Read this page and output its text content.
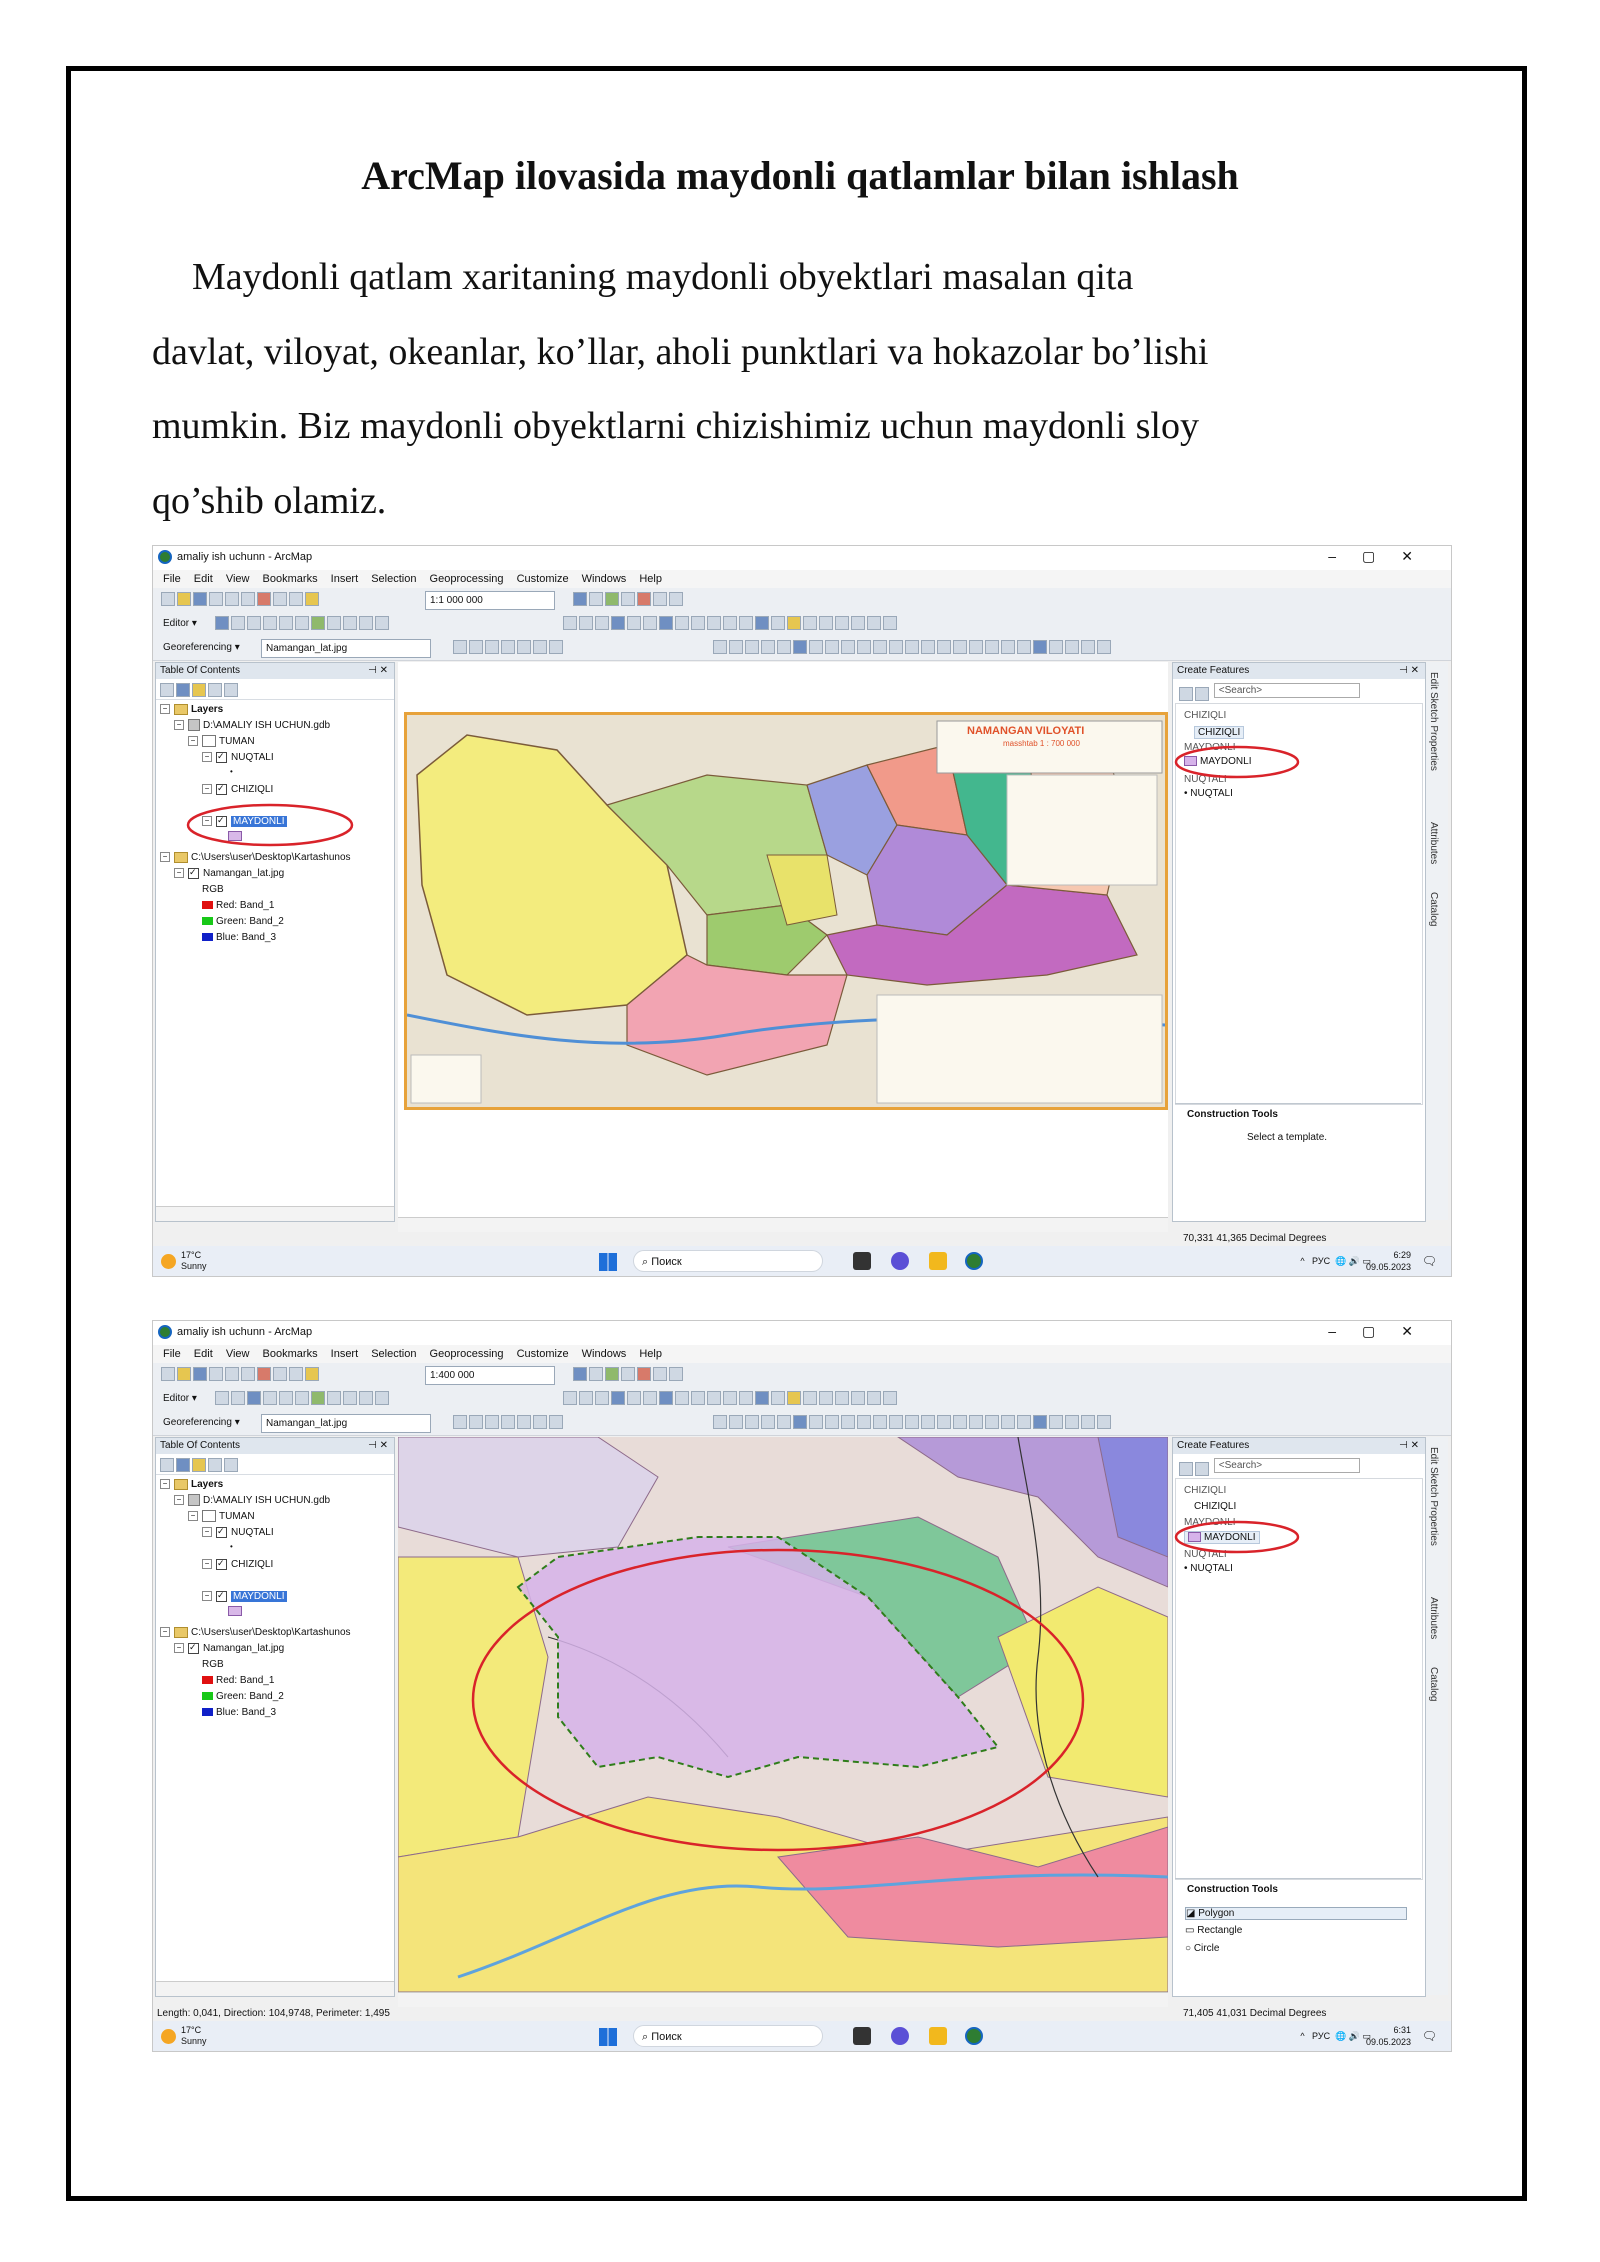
ArcMap ilovasida maydonli qatlamlar bilan ishlash
Maydonli qatlam xaritaning maydonli obyektlari masalan qita
davlat, viloyat, okeanlar, ko’llar, aholi punktlari va hokazolar bo’lishi
mumkin. Biz maydonli obyektlarni chizishimiz uchun maydonli sloy
qo’shib olamiz.
amaliy ish uchunn - ArcMap	–▢✕
File Edit View Bookmarks Insert Selection Geoprocessing Customize Windows Help
1:1 000 000
Editor ▾
Georeferencing ▾	Namangan_lat.jpg
Table Of Contents	⊣ ✕
− Layers
− D:\AMALIY ISH UCHUN.gdb
− TUMAN
− ✓ NUQTALI
•
− ✓ CHIZIQLI
− ✓ MAYDONLI
− C:\Users\user\Desktop\Kartashunos
− ✓ Namangan_lat.jpg
RGB
Red: Band_1
Green: Band_2
Blue: Band_3
NAMANGAN VILOYATI
masshtab 1 : 700 000
Create Features	⊣ ✕
<Search>
CHIZIQLI
CHIZIQLI
MAYDONLI
MAYDONLI
NUQTALI
• NUQTALI
Construction Tools
Select a template.
Edit Sketch Properties
Attributes
Catalog
70,331 41,365 Decimal Degrees
17°C
Sunny	⌕ Поиск	^   РУС  🌐 🔊 ▭
6:29
09.05.2023 🗨
amaliy ish uchunn - ArcMap	–▢✕
File Edit View Bookmarks Insert Selection Geoprocessing Customize Windows Help
1:400 000
Editor ▾
Georeferencing ▾	Namangan_lat.jpg
Table Of Contents	⊣ ✕
− Layers
− D:\AMALIY ISH UCHUN.gdb
− TUMAN
− ✓ NUQTALI
•
− ✓ CHIZIQLI
− ✓ MAYDONLI
− C:\Users\user\Desktop\Kartashunos
− ✓ Namangan_lat.jpg
RGB
Red: Band_1
Green: Band_2
Blue: Band_3
Create Features	⊣ ✕
<Search>
CHIZIQLI
CHIZIQLI
MAYDONLI
MAYDONLI
NUQTALI
• NUQTALI
Construction Tools
◪ Polygon
▭ Rectangle
○ Circle
Edit Sketch Properties
Attributes
Catalog
Length: 0,041, Direction: 104,9748, Perimeter: 1,495	71,405 41,031 Decimal Degrees
17°C
Sunny	⌕ Поиск	^   РУС  🌐 🔊 ▭
6:31
09.05.2023 🗨
